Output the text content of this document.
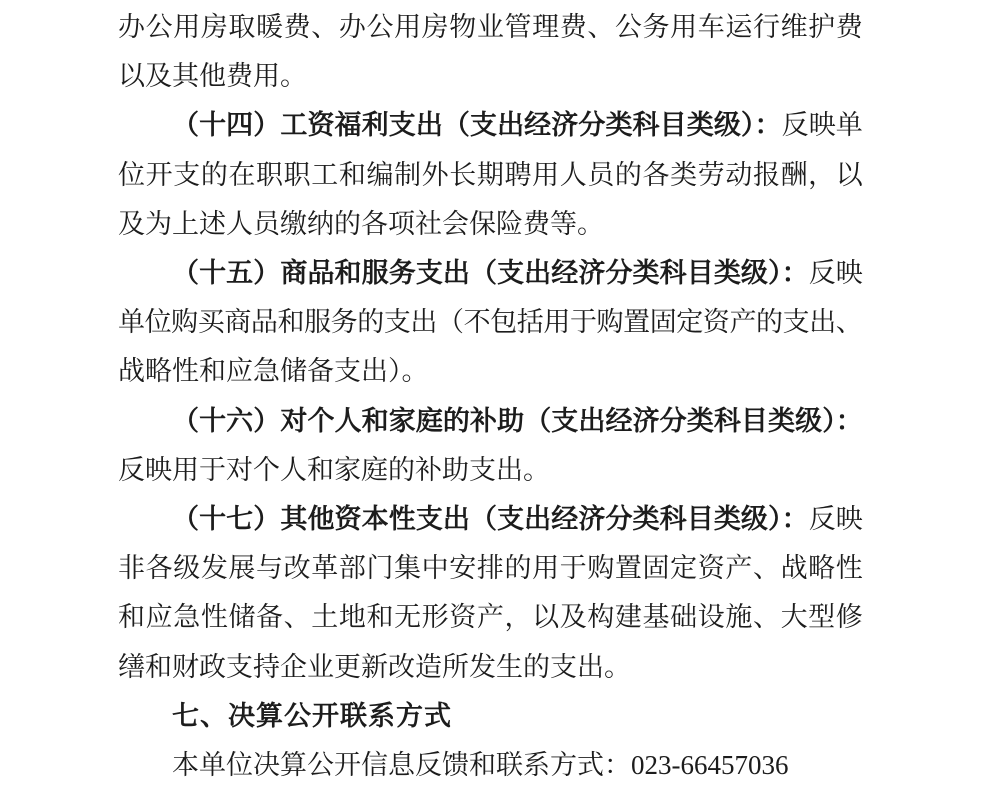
办公用房取暖费、办公用房物业管理费、公务用车运行维护费
以及其他费用。
（十四）工资福利支出（支出经济分类科目类级）：反映单
位开支的在职职工和编制外长期聘用人员的各类劳动报酬，以
及为上述人员缴纳的各项社会保险费等。
（十五）商品和服务支出（支出经济分类科目类级）：反映
单位购买商品和服务的支出（不包括用于购置固定资产的支出、
战略性和应急储备支出）。
（十六）对个人和家庭的补助（支出经济分类科目类级）：
反映用于对个人和家庭的补助支出。
（十七）其他资本性支出（支出经济分类科目类级）：反映
非各级发展与改革部门集中安排的用于购置固定资产、战略性
和应急性储备、土地和无形资产，以及构建基础设施、大型修
缮和财政支持企业更新改造所发生的支出。
七、决算公开联系方式
本单位决算公开信息反馈和联系方式：023-66457036
